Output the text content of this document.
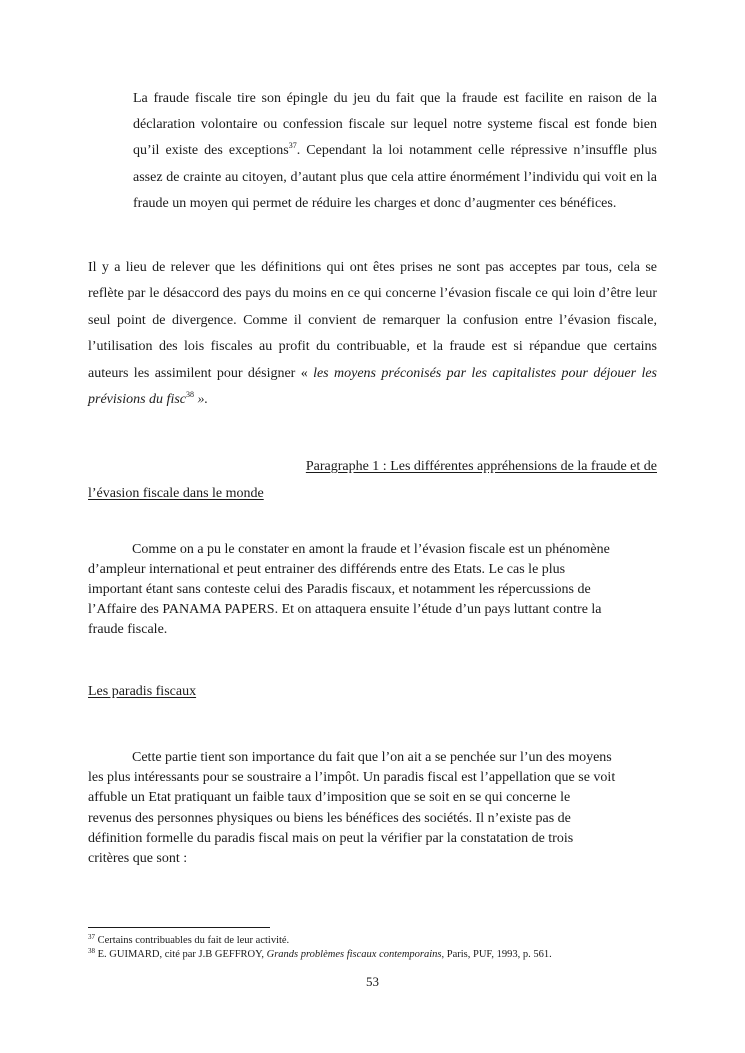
La fraude fiscale tire son épingle du jeu du fait que la fraude est facilite en raison de la déclaration volontaire ou confession fiscale sur lequel notre systeme fiscal est fonde bien qu’il existe des exceptions$^{37}$. Cependant la loi notamment celle répressive n’insuffle plus assez de crainte au citoyen, d’autant plus que cela attire énormément l’individu qui voit en la fraude un moyen qui permet de réduire les charges et donc d’augmenter ces bénéfices.
Il y a lieu de relever que les définitions qui ont êtes prises ne sont pas acceptes par tous, cela se reflète par le désaccord des pays du moins en ce qui concerne l’évasion fiscale ce qui loin d’être leur seul point de divergence. Comme il convient de remarquer la confusion entre l’évasion fiscale, l’utilisation des lois fiscales au profit du contribuable, et la fraude est si répandue que certains auteurs les assimilent pour désigner « les moyens préconisés par les capitalistes pour déjouer les prévisions du fisc$^{38}$ ».
Paragraphe 1 : Les différentes appréhensions de la fraude et de
l’évasion fiscale dans le monde
Comme on a pu le constater en amont la fraude et l’évasion fiscale est un phénomène
d’ampleur international et peut entrainer des différends entre des Etats. Le cas le plus
important étant sans conteste celui des Paradis fiscaux, et notamment les répercussions de
l’Affaire des PANAMA PAPERS. Et on attaquera ensuite l’étude d’un pays luttant contre la
fraude fiscale.
Les paradis fiscaux
Cette partie tient son importance du fait que l’on ait a se penchée sur l’un des moyens
les plus intéressants pour se soustraire a l’impôt. Un paradis fiscal est l’appellation que se voit
affuble un Etat pratiquant un faible taux d’imposition que se soit en se qui concerne le
revenus des personnes physiques ou biens les bénéfices des sociétés. Il n’existe pas de
définition formelle du paradis fiscal mais on peut la vérifier par la constatation de trois
critères que sont :
$^{37}$ Certains contribuables du fait de leur activité.
$^{38}$ E. GUIMARD, cité par J.B GEFFROY, Grands problèmes fiscaux contemporains, Paris, PUF, 1993, p. 561.
53
